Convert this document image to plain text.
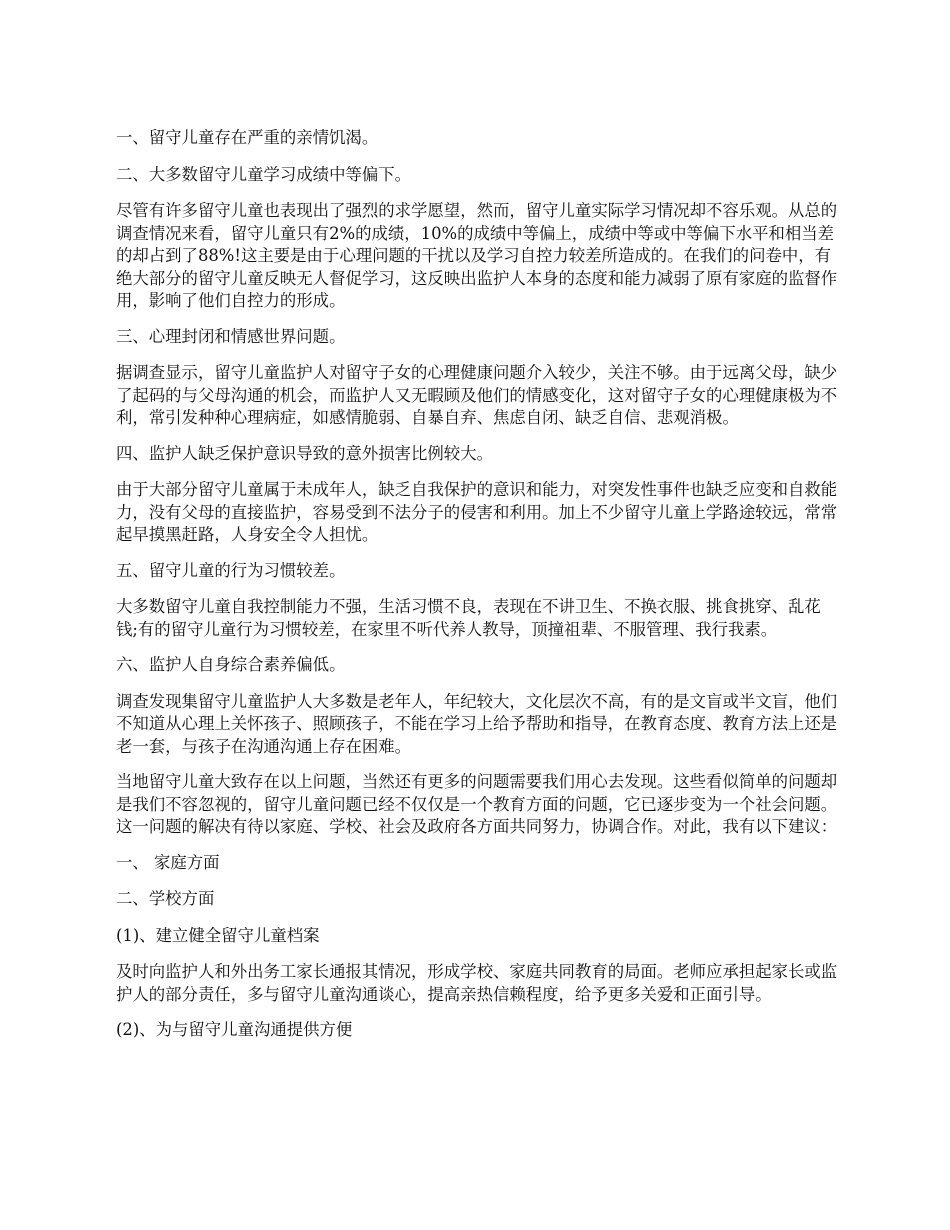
一、留守儿童存在严重的亲情饥渴。

二、大多数留守儿童学习成绩中等偏下。

尽管有许多留守儿童也表现出了强烈的求学愿望，然而，留守儿童实际学习情况却不容乐观。从总的调查情况来看，留守儿童只有2%的成绩，10%的成绩中等偏上，成绩中等或中等偏下水平和相当差的却占到了88%!这主要是由于心理问题的干扰以及学习自控力较差所造成的。在我们的问卷中，有绝大部分的留守儿童反映无人督促学习，这反映出监护人本身的态度和能力减弱了原有家庭的监督作用，影响了他们自控力的形成。

三、心理封闭和情感世界问题。

据调查显示，留守儿童监护人对留守子女的心理健康问题介入较少，关注不够。由于远离父母，缺少了起码的与父母沟通的机会，而监护人又无暇顾及他们的情感变化，这对留守子女的心理健康极为不利，常引发种种心理病症，如感情脆弱、自暴自弃、焦虑自闭、缺乏自信、悲观消极。

四、监护人缺乏保护意识导致的意外损害比例较大。

由于大部分留守儿童属于未成年人，缺乏自我保护的意识和能力，对突发性事件也缺乏应变和自救能力，没有父母的直接监护，容易受到不法分子的侵害和利用。加上不少留守儿童上学路途较远，常常起早摸黑赶路，人身安全令人担忧。

五、留守儿童的行为习惯较差。

大多数留守儿童自我控制能力不强，生活习惯不良，表现在不讲卫生、不换衣服、挑食挑穿、乱花钱;有的留守儿童行为习惯较差，在家里不听代养人教导，顶撞祖辈、不服管理、我行我素。

六、监护人自身综合素养偏低。

调查发现集留守儿童监护人大多数是老年人，年纪较大，文化层次不高，有的是文盲或半文盲，他们不知道从心理上关怀孩子、照顾孩子，不能在学习上给予帮助和指导，在教育态度、教育方法上还是老一套，与孩子在沟通沟通上存在困难。

当地留守儿童大致存在以上问题，当然还有更多的问题需要我们用心去发现。这些看似简单的问题却是我们不容忽视的，留守儿童问题已经不仅仅是一个教育方面的问题，它已逐步变为一个社会问题。这一问题的解决有待以家庭、学校、社会及政府各方面共同努力，协调合作。对此，我有以下建议：

一、 家庭方面

二、学校方面

(1)、建立健全留守儿童档案

及时向监护人和外出务工家长通报其情况，形成学校、家庭共同教育的局面。老师应承担起家长或监护人的部分责任，多与留守儿童沟通谈心，提高亲热信赖程度，给予更多关爱和正面引导。

(2)、为与留守儿童沟通提供方便
